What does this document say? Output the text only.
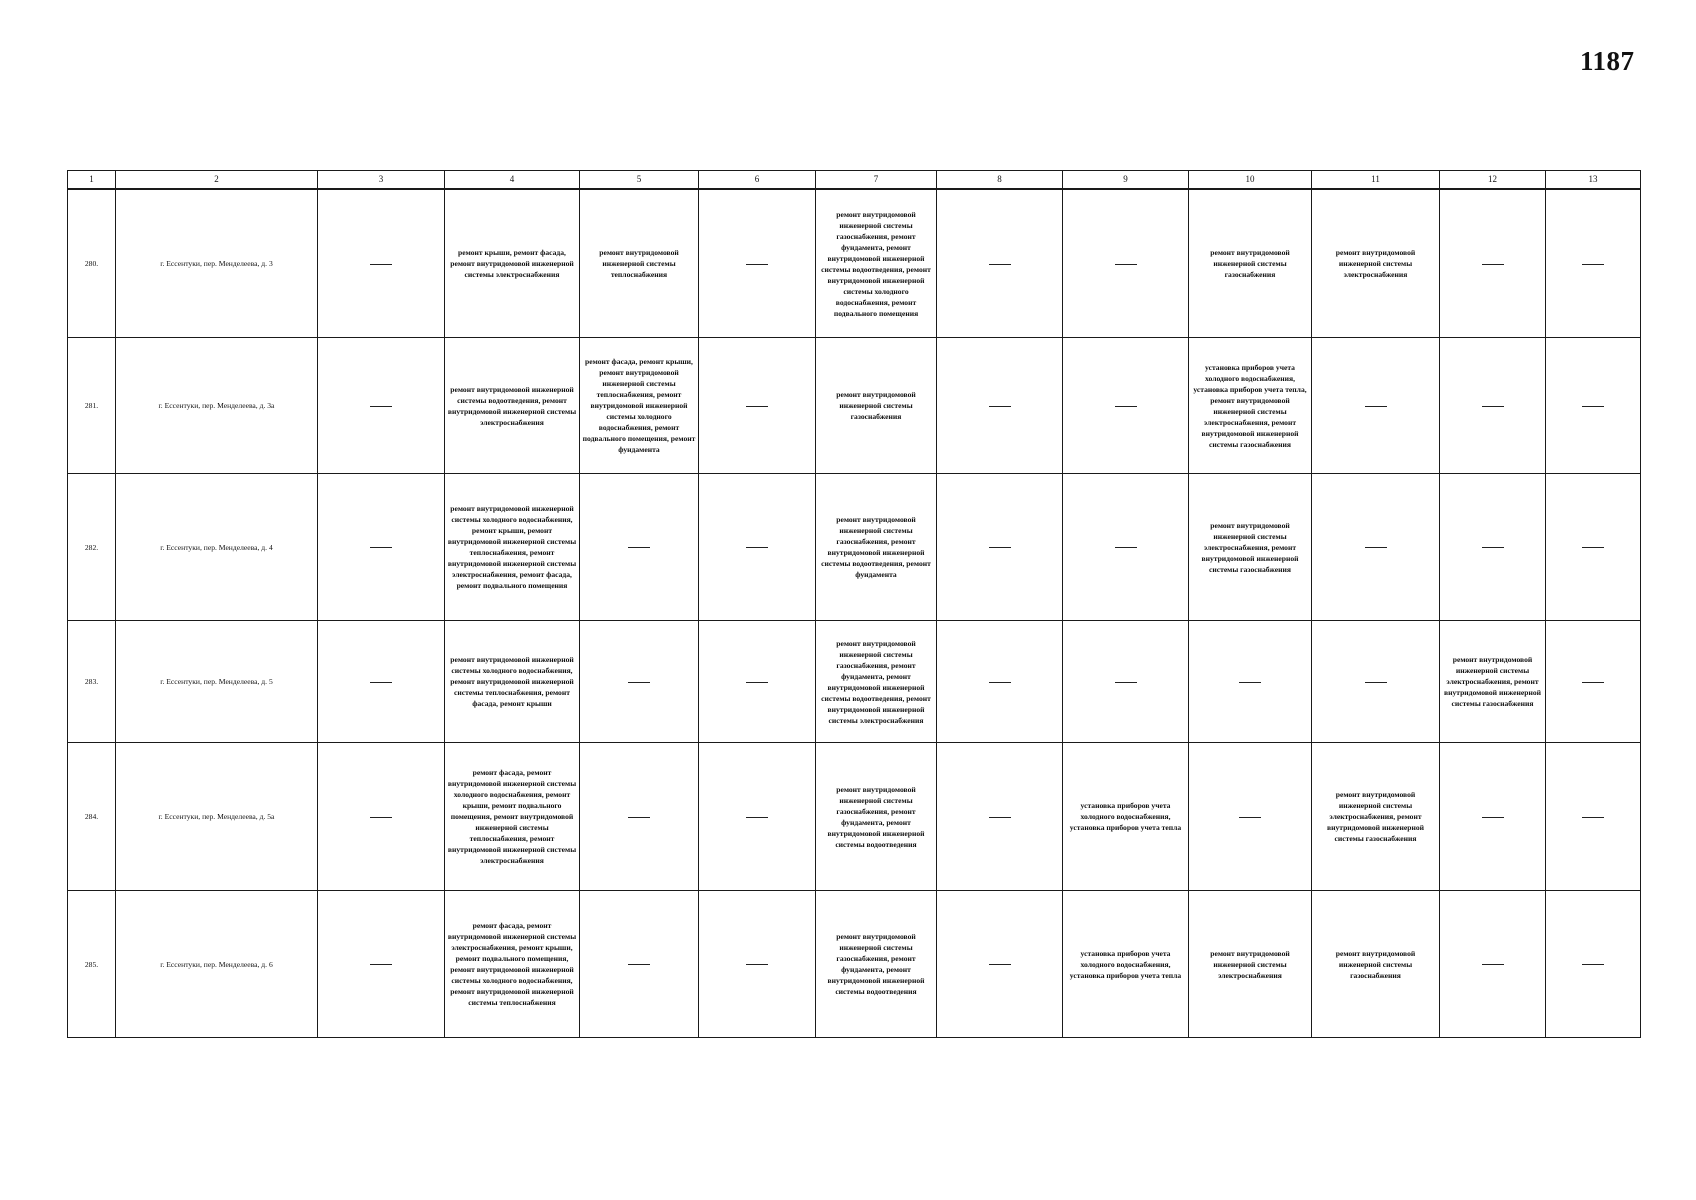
1187
1	2	3	4	5	6	7	8	9	10	11	12	13
280.	г. Ессентуки, пер. Менделеева, д. 3		ремонт крыши, ремонт фасада, ремонт внутридомовой инженерной системы электроснабжения	ремонт внутридомовой инженерной системы теплоснабжения		ремонт внутридомовой инженерной системы газоснабжения, ремонт фундамента, ремонт внутридомовой инженерной системы водоотведения, ремонт внутридомовой инженерной системы холодного водоснабжения, ремонт подвального помещения			ремонт внутридомовой инженерной системы газоснабжения	ремонт внутридомовой инженерной системы электроснабжения		
281.	г. Ессентуки, пер. Менделеева, д. 3а		ремонт внутридомовой инженерной системы водоотведения, ремонт внутридомовой инженерной системы электроснабжения	ремонт фасада, ремонт крыши, ремонт внутридомовой инженерной системы теплоснабжения, ремонт внутридомовой инженерной системы холодного водоснабжения, ремонт подвального помещения, ремонт фундамента		ремонт внутридомовой инженерной системы газоснабжения			установка приборов учета холодного водоснабжения, установка приборов учета тепла, ремонт внутридомовой инженерной системы электроснабжения, ремонт внутридомовой инженерной системы газоснабжения			
282.	г. Ессентуки, пер. Менделеева, д. 4		ремонт внутридомовой инженерной системы холодного водоснабжения, ремонт крыши, ремонт внутридомовой инженерной системы теплоснабжения, ремонт внутридомовой инженерной системы электроснабжения, ремонт фасада, ремонт подвального помещения			ремонт внутридомовой инженерной системы газоснабжения, ремонт внутридомовой инженерной системы водоотведения, ремонт фундамента			ремонт внутридомовой инженерной системы электроснабжения, ремонт внутридомовой инженерной системы газоснабжения			
283.	г. Ессентуки, пер. Менделеева, д. 5		ремонт внутридомовой инженерной системы холодного водоснабжения, ремонт внутридомовой инженерной системы теплоснабжения, ремонт фасада, ремонт крыши			ремонт внутридомовой инженерной системы газоснабжения, ремонт фундамента, ремонт внутридомовой инженерной системы водоотведения, ремонт внутридомовой инженерной системы электроснабжения					ремонт внутридомовой инженерной системы электроснабжения, ремонт внутридомовой инженерной системы газоснабжения	
284.	г. Ессентуки, пер. Менделеева, д. 5а		ремонт фасада, ремонт внутридомовой инженерной системы холодного водоснабжения, ремонт крыши, ремонт подвального помещения, ремонт внутридомовой инженерной системы теплоснабжения, ремонт внутридомовой инженерной системы электроснабжения			ремонт внутридомовой инженерной системы газоснабжения, ремонт фундамента, ремонт внутридомовой инженерной системы водоотведения		установка приборов учета холодного водоснабжения, установка приборов учета тепла		ремонт внутридомовой инженерной системы электроснабжения, ремонт внутридомовой инженерной системы газоснабжения		
285.	г. Ессентуки, пер. Менделеева, д. 6		ремонт фасада, ремонт внутридомовой инженерной системы электроснабжения, ремонт крыши, ремонт подвального помещения, ремонт внутридомовой инженерной системы холодного водоснабжения, ремонт внутридомовой инженерной системы теплоснабжения			ремонт внутридомовой инженерной системы газоснабжения, ремонт фундамента, ремонт внутридомовой инженерной системы водоотведения		установка приборов учета холодного водоснабжения, установка приборов учета тепла	ремонт внутридомовой инженерной системы электроснабжения	ремонт внутридомовой инженерной системы газоснабжения		
